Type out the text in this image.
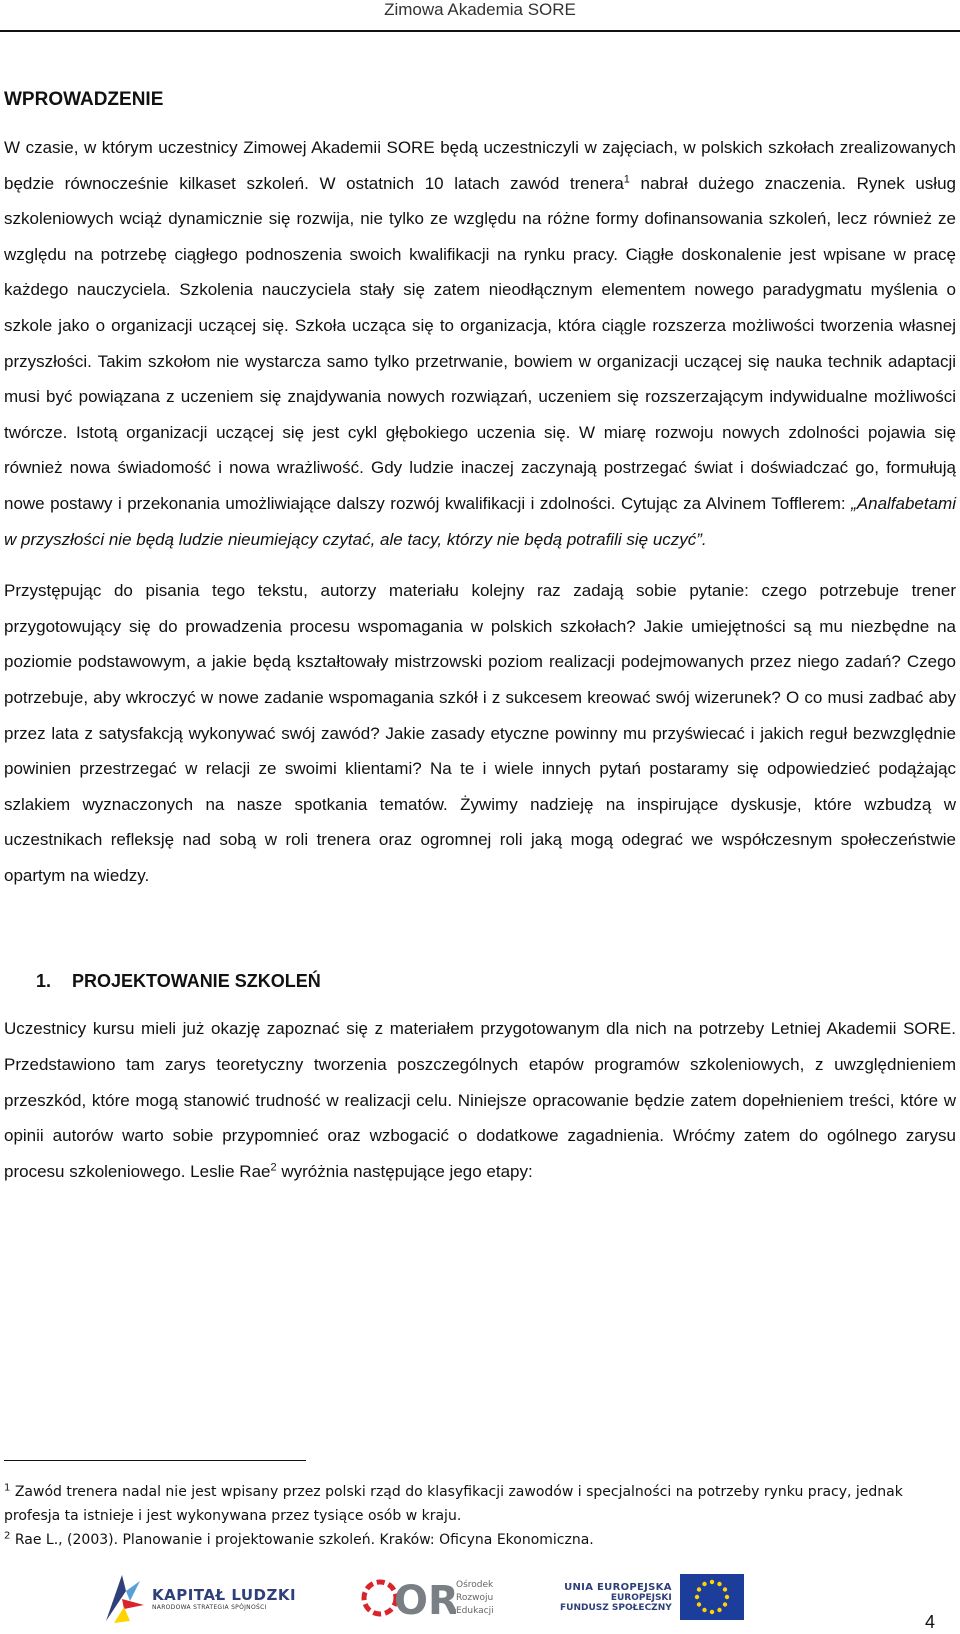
Zimowa Akademia SORE
WPROWADZENIE

W czasie, w którym uczestnicy Zimowej Akademii SORE będą uczestniczyli w zajęciach, w polskich szkołach zrealizowanych będzie równocześnie kilkaset szkoleń. W ostatnich 10 latach zawód trenera$^1$ nabrał dużego znaczenia. Rynek usług szkoleniowych wciąż dynamicznie się rozwija, nie tylko ze względu na różne formy dofinansowania szkoleń, lecz również ze względu na potrzebę ciągłego podnoszenia swoich kwalifikacji na rynku pracy. Ciągłe doskonalenie jest wpisane w pracę każdego nauczyciela. Szkolenia nauczyciela stały się zatem nieodłącznym elementem nowego paradygmatu myślenia o szkole jako o organizacji uczącej się. Szkoła ucząca się to organizacja, która ciągle rozszerza możliwości tworzenia własnej przyszłości. Takim szkołom nie wystarcza samo tylko przetrwanie, bowiem w organizacji uczącej się nauka technik adaptacji musi być powiązana z uczeniem się znajdywania nowych rozwiązań, uczeniem się rozszerzającym indywidualne możliwości twórcze. Istotą organizacji uczącej się jest cykl głębokiego uczenia się. W miarę rozwoju nowych zdolności pojawia się również nowa świadomość i nowa wrażliwość. Gdy ludzie inaczej zaczynają postrzegać świat i doświadczać go, formułują nowe postawy i przekonania umożliwiające dalszy rozwój kwalifikacji i zdolności. Cytując za Alvinem Tofflerem: „Analfabetami w przyszłości nie będą ludzie nieumiejący czytać, ale tacy, którzy nie będą potrafili się uczyć”.

Przystępując do pisania tego tekstu, autorzy materiału kolejny raz zadają sobie pytanie: czego potrzebuje trener przygotowujący się do prowadzenia procesu wspomagania w polskich szkołach? Jakie umiejętności są mu niezbędne na poziomie podstawowym, a jakie będą kształtowały mistrzowski poziom realizacji podejmowanych przez niego zadań? Czego potrzebuje, aby wkroczyć w nowe zadanie wspomagania szkół i z sukcesem kreować swój wizerunek? O co musi zadbać aby przez lata z satysfakcją wykonywać swój zawód? Jakie zasady etyczne powinny mu przyświecać i jakich reguł bezwzględnie powinien przestrzegać w relacji ze swoimi klientami? Na te i wiele innych pytań postaramy się odpowiedzieć podążając szlakiem wyznaczonych na nasze spotkania tematów. Żywimy nadzieję na inspirujące dyskusje, które wzbudzą w uczestnikach refleksję nad sobą w roli trenera oraz ogromnej roli jaką mogą odegrać we współczesnym społeczeństwie opartym na wiedzy.

1. PROJEKTOWANIE SZKOLEŃ

Uczestnicy kursu mieli już okazję zapoznać się z materiałem przygotowanym dla nich na potrzeby Letniej Akademii SORE. Przedstawiono tam zarys teoretyczny tworzenia poszczególnych etapów programów szkoleniowych, z uwzględnieniem przeszkód, które mogą stanowić trudność w realizacji celu. Niniejsze opracowanie będzie zatem dopełnieniem treści, które w opinii autorów warto sobie przypomnieć oraz wzbogacić o dodatkowe zagadnienia. Wróćmy zatem do ogólnego zarysu procesu szkoleniowego. Leslie Rae$^2$ wyróżnia następujące jego etapy:

$^1$ Zawód trenera nadal nie jest wpisany przez polski rząd do klasyfikacji zawodów i specjalności na potrzeby rynku pracy, jednak profesja ta istnieje i jest wykonywana przez tysiące osób w kraju.

$^2$ Rae L., (2003). Planowanie i projektowanie szkoleń. Kraków: Oficyna Ekonomiczna.

KAPITAŁ LUDZKI
NARODOWA STRATEGIA SPÓJNOŚCI	OR
Ośrodek
Rozwoju
Edukacji
UNIA EUROPEJSKA
EUROPEJSKI
FUNDUSZ SPOŁECZNY
4
